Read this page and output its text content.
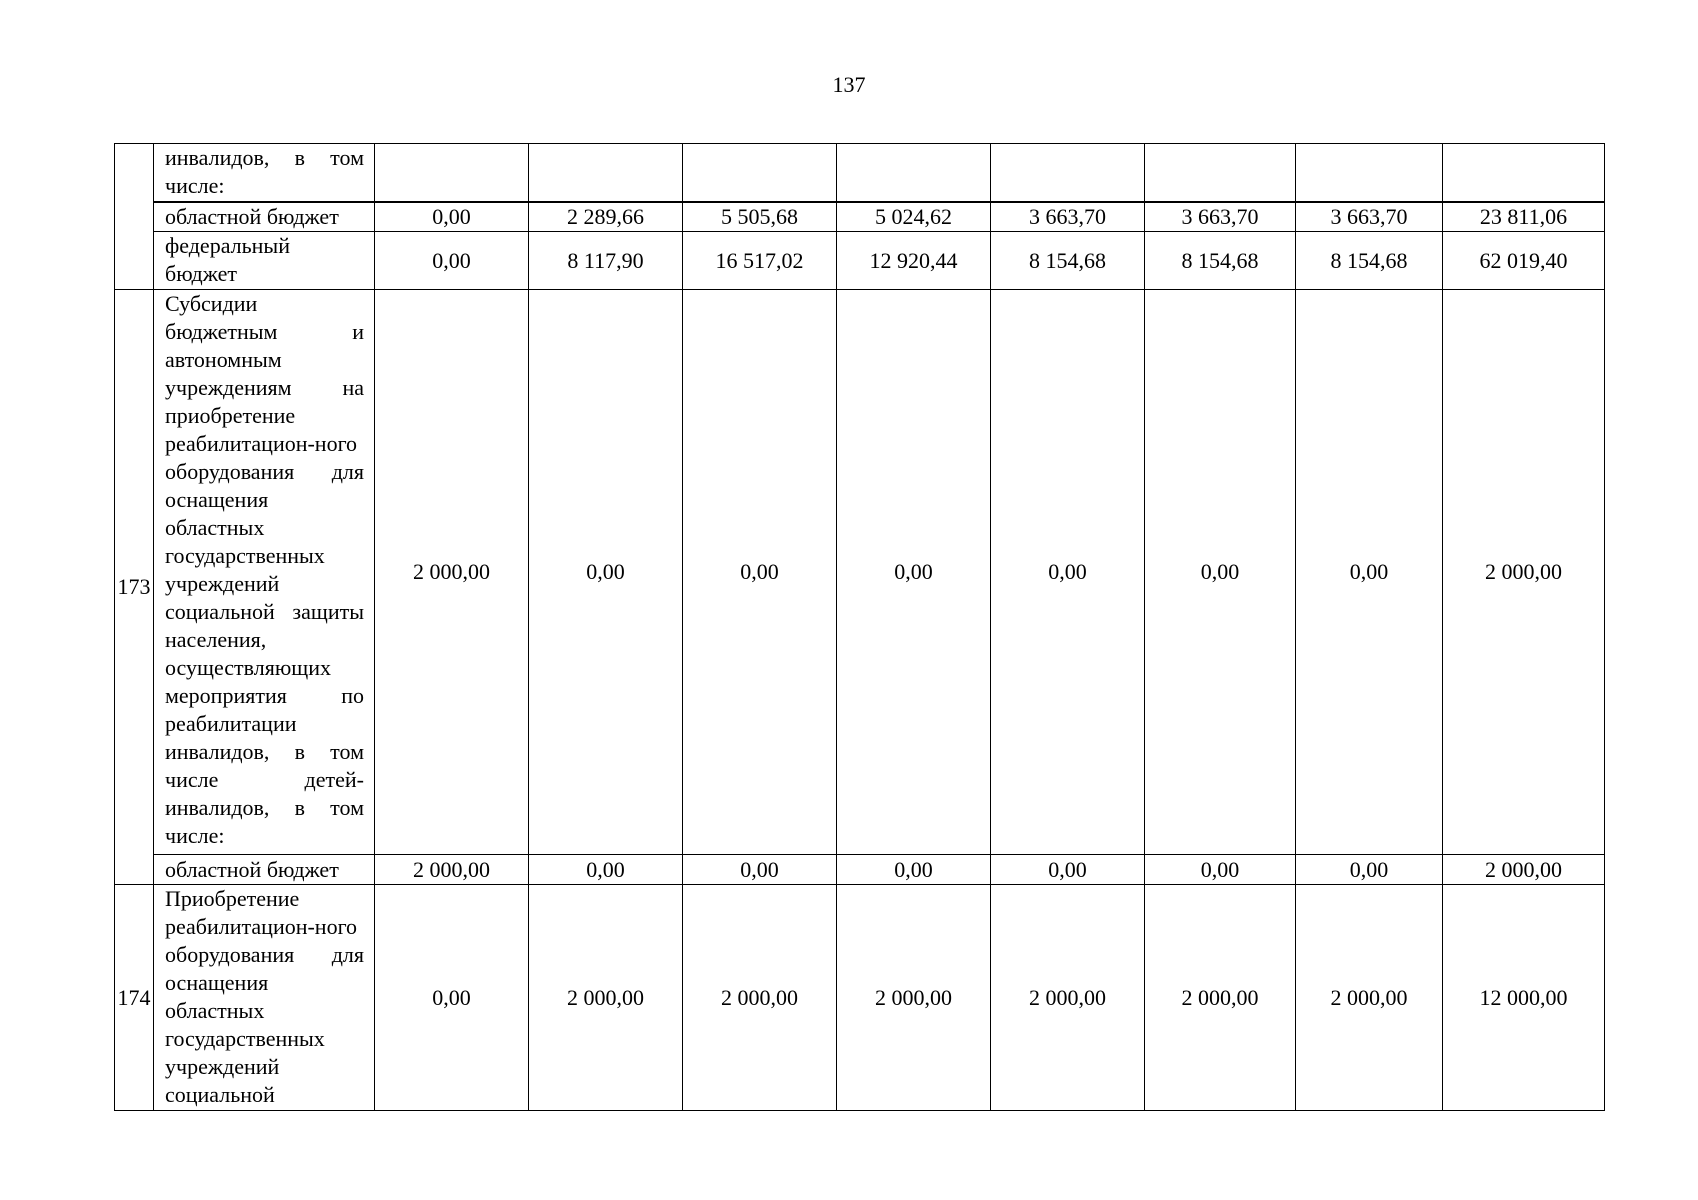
137
	инвалидов, в том числе:								
	областной бюджет	0,00	2 289,66	5 505,68	5 024,62	3 663,70	3 663,70	3 663,70	23 811,06
	федеральный бюджет	0,00	8 117,90	16 517,02	12 920,44	8 154,68	8 154,68	8 154,68	62 019,40
173	Субсидии бюджетным и автономным учреждениям на приобретение реабилитацион-ного оборудования для оснащения областных государственных учреждений социальной защиты населения, осуществляющих мероприятия по реабилитации инвалидов, в том числе детей-инвалидов, в том числе:	2 000,00	0,00	0,00	0,00	0,00	0,00	0,00	2 000,00
	областной бюджет	2 000,00	0,00	0,00	0,00	0,00	0,00	0,00	2 000,00
174	Приобретение реабилитацион-ного оборудования для оснащения областных государственных учреждений социальной	0,00	2 000,00	2 000,00	2 000,00	2 000,00	2 000,00	2 000,00	12 000,00
